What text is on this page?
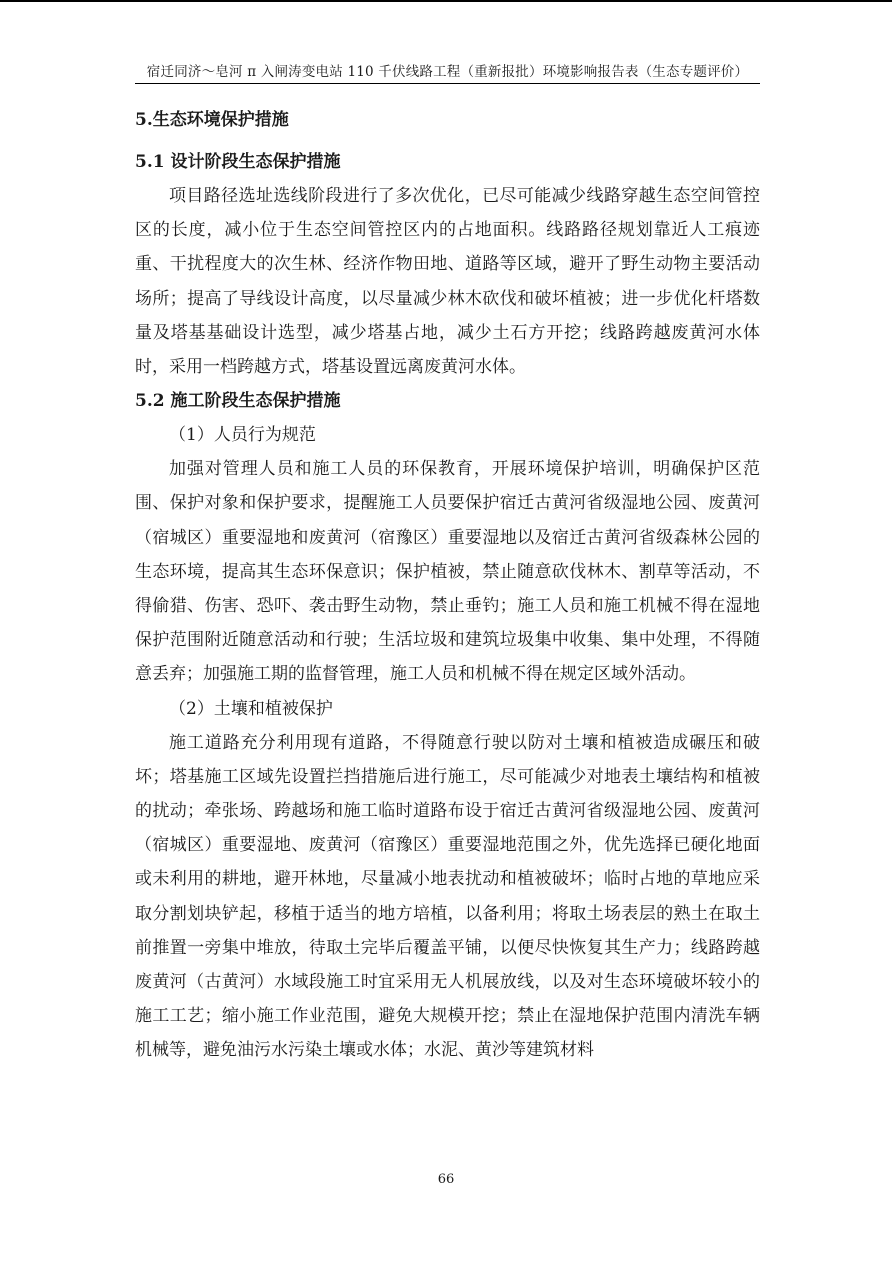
宿迁同济～皂河 π 入闸涛变电站 110 千伏线路工程（重新报批）环境影响报告表（生态专题评价）
5.生态环境保护措施
5.1 设计阶段生态保护措施

项目路径选址选线阶段进行了多次优化，已尽可能减少线路穿越生态空间管控区的长度，减小位于生态空间管控区内的占地面积。线路路径规划靠近人工痕迹重、干扰程度大的次生林、经济作物田地、道路等区域，避开了野生动物主要活动场所；提高了导线设计高度，以尽量减少林木砍伐和破坏植被；进一步优化杆塔数量及塔基基础设计选型，减少塔基占地，减少土石方开挖；线路跨越废黄河水体时，采用一档跨越方式，塔基设置远离废黄河水体。

5.2 施工阶段生态保护措施
（1）人员行为规范

加强对管理人员和施工人员的环保教育，开展环境保护培训，明确保护区范围、保护对象和保护要求，提醒施工人员要保护宿迁古黄河省级湿地公园、废黄河（宿城区）重要湿地和废黄河（宿豫区）重要湿地以及宿迁古黄河省级森林公园的生态环境，提高其生态环保意识；保护植被，禁止随意砍伐林木、割草等活动，不得偷猎、伤害、恐吓、袭击野生动物，禁止垂钓；施工人员和施工机械不得在湿地保护范围附近随意活动和行驶；生活垃圾和建筑垃圾集中收集、集中处理，不得随意丢弃；加强施工期的监督管理，施工人员和机械不得在规定区域外活动。

（2）土壤和植被保护

施工道路充分利用现有道路，不得随意行驶以防对土壤和植被造成碾压和破坏；塔基施工区域先设置拦挡措施后进行施工，尽可能减少对地表土壤结构和植被的扰动；牵张场、跨越场和施工临时道路布设于宿迁古黄河省级湿地公园、废黄河（宿城区）重要湿地、废黄河（宿豫区）重要湿地范围之外，优先选择已硬化地面或未利用的耕地，避开林地，尽量减小地表扰动和植被破坏；临时占地的草地应采取分割划块铲起，移植于适当的地方培植，以备利用；将取土场表层的熟土在取土前推置一旁集中堆放，待取土完毕后覆盖平铺，以便尽快恢复其生产力；线路跨越废黄河（古黄河）水域段施工时宜采用无人机展放线，以及对生态环境破坏较小的施工工艺；缩小施工作业范围，避免大规模开挖；禁止在湿地保护范围内清洗车辆机械等，避免油污水污染土壤或水体；水泥、黄沙等建筑材料

66
